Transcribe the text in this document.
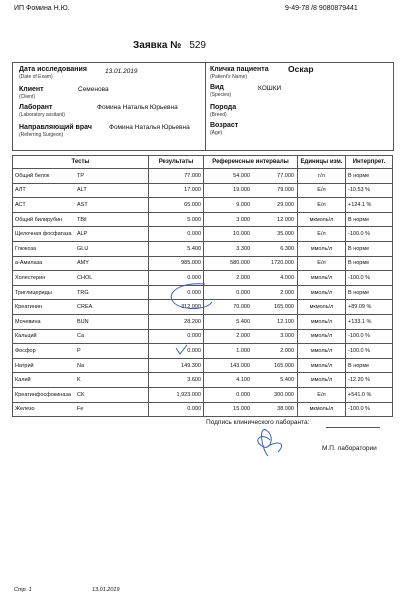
ИП Фомина Н.Ю.	9-49-78 /8 9080879441
Заявка № 529
Дата исследования
(Date of Exam)
13.01.2019
Клиент
(Client)
Семенова
Лаборант
(Laboratory assitant)
Фомина Наталья Юрьевна
Направляющий врач
(Referring Surgeon)
Фомина Наталья Юрьевна
Кличка пациента
(Patient's Name)
Оскар
Вид
(Species)
КОШКИ
Порода
(Breed)
Возраст
(Age)
Тесты	Результаты	Референсные интервалы	Единицы изм.	Интерпрет.
Общий белок TP	77.000	54.000 77.000	г/л	В норме
АЛТ ALT	17.000	19.000 79.000	Е/л	-10.53 %
АСТ AST	65.000	9.000 29.000	Е/л	+124.1 %
Общий билирубин TBil	5.000	3.000 12.000	мкмоль/л	В норме
Щелочная фосфатаза ALP	0.000	10.000 35.000	Е/л	-100.0 %
Глюкоза GLU	5.400	3.300 6.300	ммоль/л	В норме
а-Амилаза AMY	985.000	580.000 1720.000	Е/л	В норме
Холестерин CHOL	0.000	2.000 4.000	ммоль/л	-100.0 %
Триглицериды TRG	0.000	0.000 2.000	ммоль/л	В норме
Креатинин CREA	312.000	70.000 165.000	мкмоль/л	+89.09 %
Мочевина BUN	28.200	5.400 12.100	ммоль/л	+133.1 %
Кальций Ca	0.000	2.000 3.000	ммоль/л	-100.0 %
Фосфор P	0.000	1.000 2.000	ммоль/л	-100.0 %
Натрий Na	149.300	143.000 165.000	ммоль/л	В норме
Калий K	3.600	4.100 5.400	ммоль/л	-12.20 %
Креатинфосфокиназа CK	1,923.000	0.000 300.000	Е/л	+541.0 %
Железо Fe	0.000	15.000 38.000	мкмоль/л	-100.0 %
Подпись клинического лаборанта:
М.П. лаборатории
Стр. 1	13.01.2019
